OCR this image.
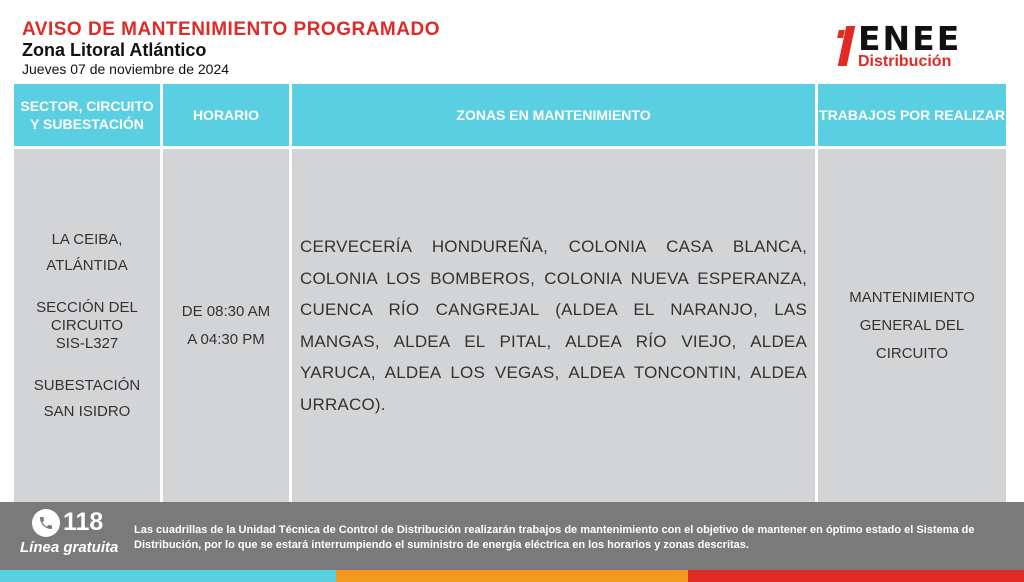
AVISO DE MANTENIMIENTO PROGRAMADO
Zona Litoral Atlántico
Jueves 07 de noviembre de 2024
ENEE
Distribución
SECTOR, CIRCUITO Y SUBESTACIÓN
HORARIO	ZONAS EN MANTENIMIENTO	TRABAJOS POR REALIZAR
LA CEIBA,
ATLÁNTIDA
SECCIÓN DEL
CIRCUITO
SIS-L327
SUBESTACIÓN
SAN ISIDRO
DE 08:30 AM
A 04:30 PM
CERVECERÍA HONDUREÑA, COLONIA CASA BLANCA, COLONIA LOS BOMBEROS, COLONIA NUEVA ESPERANZA, CUENCA RÍO CANGREJAL (ALDEA EL NARANJO, LAS MANGAS, ALDEA EL PITAL, ALDEA RÍO VIEJO, ALDEA YARUCA, ALDEA LOS VEGAS, ALDEA TONCONTIN, ALDEA URRACO).
MANTENIMIENTO
GENERAL DEL
CIRCUITO
118
Línea gratuita
Las cuadrillas de la Unidad Técnica de Control de Distribución realizarán trabajos de mantenimiento con el objetivo de mantener en óptimo estado el Sistema de Distribución, por lo que se estará interrumpiendo el suministro de energía eléctrica en los horarios y zonas descritas.
